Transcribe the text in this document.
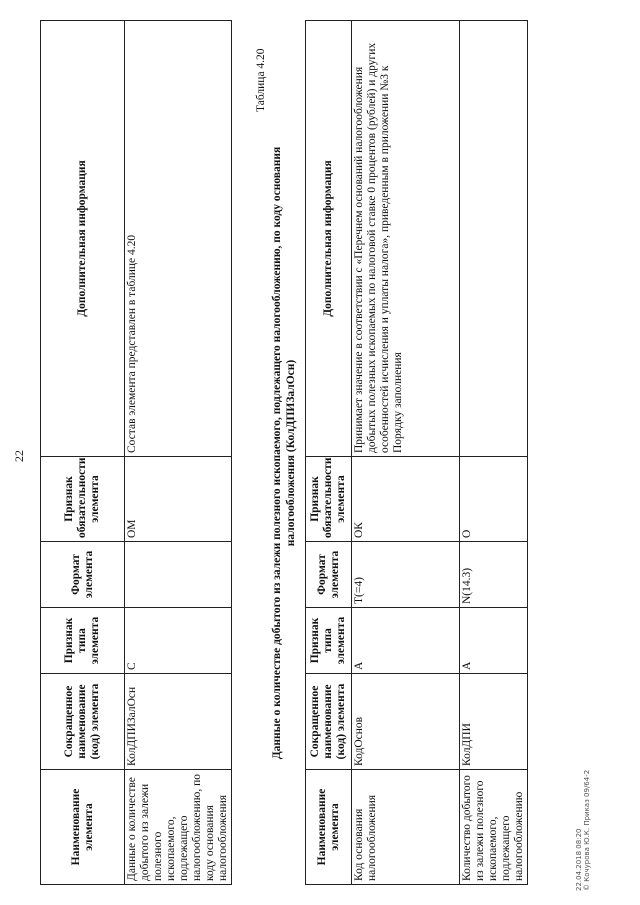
22
Наименование элемента	Сокращенное наименование (код) элемента	Признак типа элемента	Формат элемента	Признак обязательности элемента	Дополнительная информация
Данные о количестве добытого из залежи полезного ископаемого, подлежащего налогообложению, по коду основания налогообложения	КолДПИЗалОсн	С		ОМ	Состав элемента представлен в таблице 4.20
Таблица 4.20
Данные о количестве добытого из залежи полезного ископаемого, подлежащего налогообложению, по коду основания налогообложения (КолДПИЗалОсн)
Наименование элемента	Сокращенное наименование (код) элемента	Признак типа элемента	Формат элемента	Признак обязательности элемента	Дополнительная информация
Код основания налогообложения	КодОснов	А	Т(=4)	ОК	Принимает значение в соответствии с «Перечнем оснований налогообложения добытых полезных ископаемых по налоговой ставке 0 процентов (рублей) и других особенностей исчисления и уплаты налога», приведенным в приложении №3 к Порядку заполнения
Количество добытого из залежи полезного ископаемого, подлежащего налогообложению	КолДПИ	А	N(14.3)	О	
22.04.2018 08:20 © Кочурова Ю.К. Приказ 09/64-2
